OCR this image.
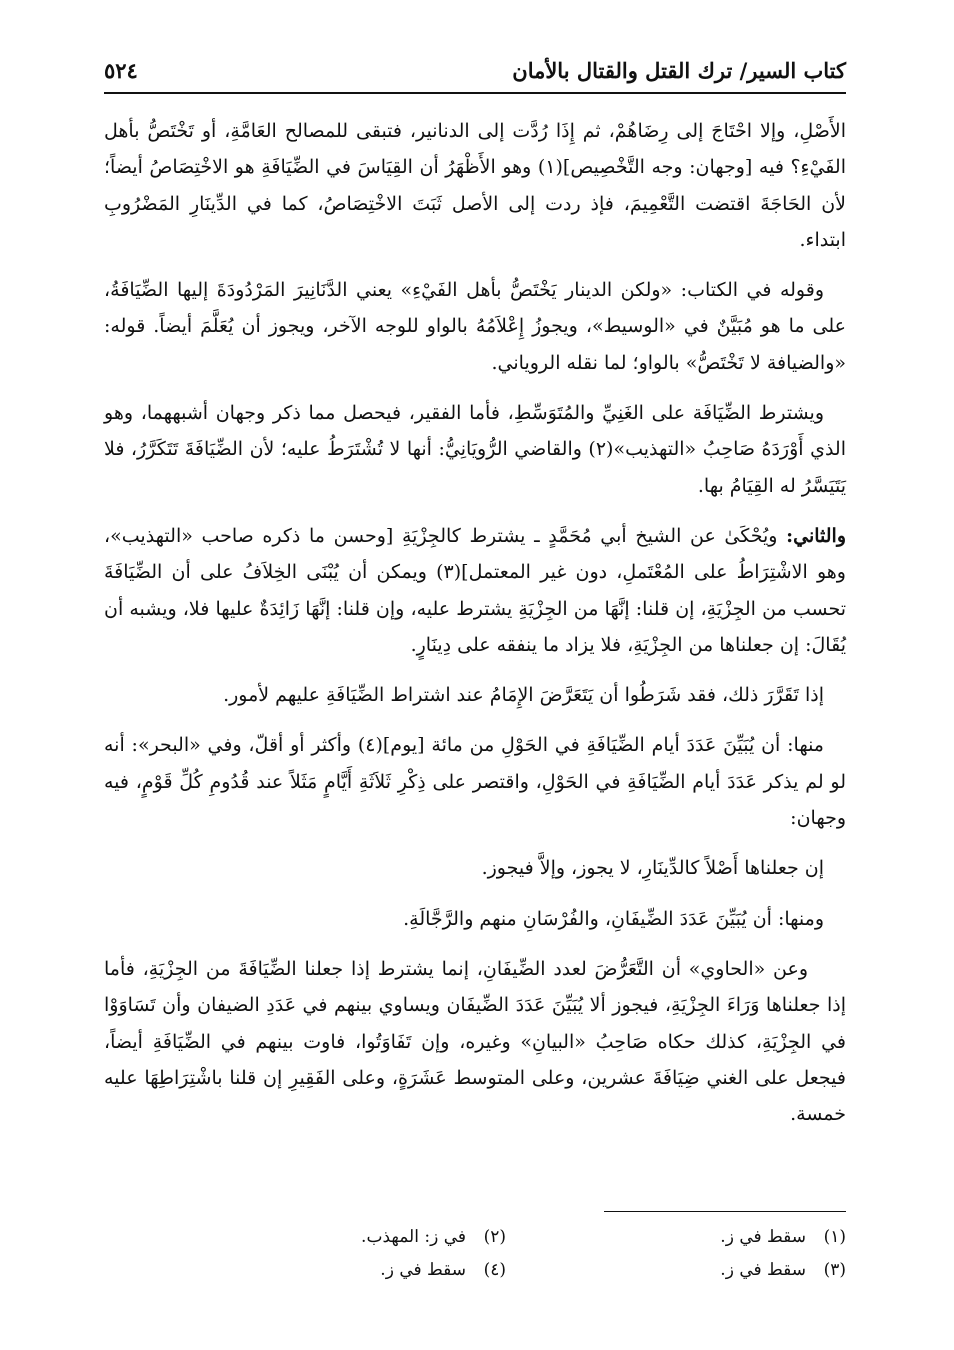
كتاب السير/ ترك القتل والقتال بالأمان
٥٢٤

الأَصْلِ، وإلا احْتَاجَ إلى رِضَاهُمْ، ثم إِذَا رُدَّت إلى الدنانير، فتبقى للمصالح العَامَّةِ، أو تَخْتَصُّ بأهل الفَيْءِ؟ فيه [وجهان: وجه التَّخْصِيص](١) وهو الأَظْهَرُ أن القِيَاسَ في الضِّيَافَةِ هو الاخْتِصَاصُ أيضاً؛ لأن الحَاجَةَ اقتضت التَّعْمِيمَ، فإذ ردت إلى الأصل ثَبَتَ الاخْتِصَاصُ، كما في الدِّينَارِ المَضْرُوبِ ابتداء.

وقوله في الكتاب: «ولكن الدينار يَخْتَصُّ بأهل الفَيْءِ» يعني الدَّنَانِيرَ المَرْدُودَةَ إليها الضِّيَافَةُ، على ما هو مُبَيَّنٌ في «الوسيط»، ويجوزُ إِعْلاَمُهُ بالواو للوجه الآخر، ويجوز أن يُعَلَّمَ أيضاً. قوله: «والضيافة لا تَخْتَصُّ» بالواو؛ لما نقله الروياني.

ويشترط الضِّيَافَة على الغَنِيِّ والمُتَوَسِّطِ، فأما الفقير، فيحصل مما ذكر وجهان أشبههما، وهو الذي أَوْرَدَهُ صَاحِبُ «التهذيب»(٢) والقاضي الرُّويَانِيُّ: أنها لا تُشْتَرَطُ عليه؛ لأن الضِّيَافَةَ تَتَكَرَّرُ، فلا يَتَيَسَّرُ له القِيَامُ بها.

والثاني: ويُحْكَىٰ عن الشيخ أبي مُحَمَّدٍ ـ يشترط كالجِزْيَةِ [وحسن ما ذكره صاحب «التهذيب»، وهو الاشْتِرَاطُ على المُعْتَملِ، دون غير المعتمل](٣) ويمكن أن يُبْنَى الخِلاَفُ على أن الضِّيَافَةَ تحسب من الجِزْيَةِ، إن قلنا: إنَّهَا من الجِزْيَةِ يشترط عليه، وإن قلنا: إنَّهَا زَائِدَةٌ عليها فلا، ويشبه أن يُقَالَ: إن جعلناها من الجِزْيَةِ، فلا يزاد ما ينفقه على دِينَارٍ.

إذا تَقَرَّرَ ذلك، فقد شَرَطُوا أن يَتَعَرَّضَ الإِمَامُ عند اشتراط الضِّيَافَةِ عليهم لأمور.

منها: أن يُبَيِّنَ عَدَدَ أيام الضِّيَافَةِ في الحَوْلِ من مائة [يوم](٤) وأكثر أو أقلّ، وفي «البحر»: أنه لو لم يذكر عَدَدَ أيام الضِّيَافَةِ في الحَوْلِ، واقتصر على ذِكْرِ ثَلاَثَةِ أَيَّامٍ مَثَلاً عند قُدُومِ كُلِّ قَوْمٍ، فيه وجهان:

إن جعلناها أَصْلاً كالدِّينَارِ، لا يجوز، وإلاَّ فيجوز.

ومنها: أن يُبَيِّنَ عَدَدَ الضِّيفَانِ، والفُرْسَانِ منهم والرَّجَّالَةِ.

وعن «الحاوي» أن التَّعَرُّضَ لعدد الضِّيفَانِ، إنما يشترط إذا جعلنا الضِّيَافَةَ من الجِزْيَةِ، فأما إذا جعلناها وَرَاءَ الجِزْيَةِ، فيجوز ألا يُبَيِّنَ عَدَدَ الضِّيفَان ويساوي بينهم في عَدَدِ الضيفان وأن تَسَاوَوْا في الجِزْيَةِ، كذلك حكاه صَاحِبُ «البيانِ» وغيره، وإن تَفَاوَتُوا، فاوت بينهم في الضِّيَافَةِ أيضاً، فيجعل على الغني ضِيَافَةَ عشرين، وعلى المتوسط عَشَرَةٍ، وعلى الفَقِيرِ إن قلنا باشْتِرَاطِهَا عليه خمسة.

(١)سقط في ز.
(٢)في ز: المهذب.
(٣)سقط في ز.
(٤)سقط في ز.
